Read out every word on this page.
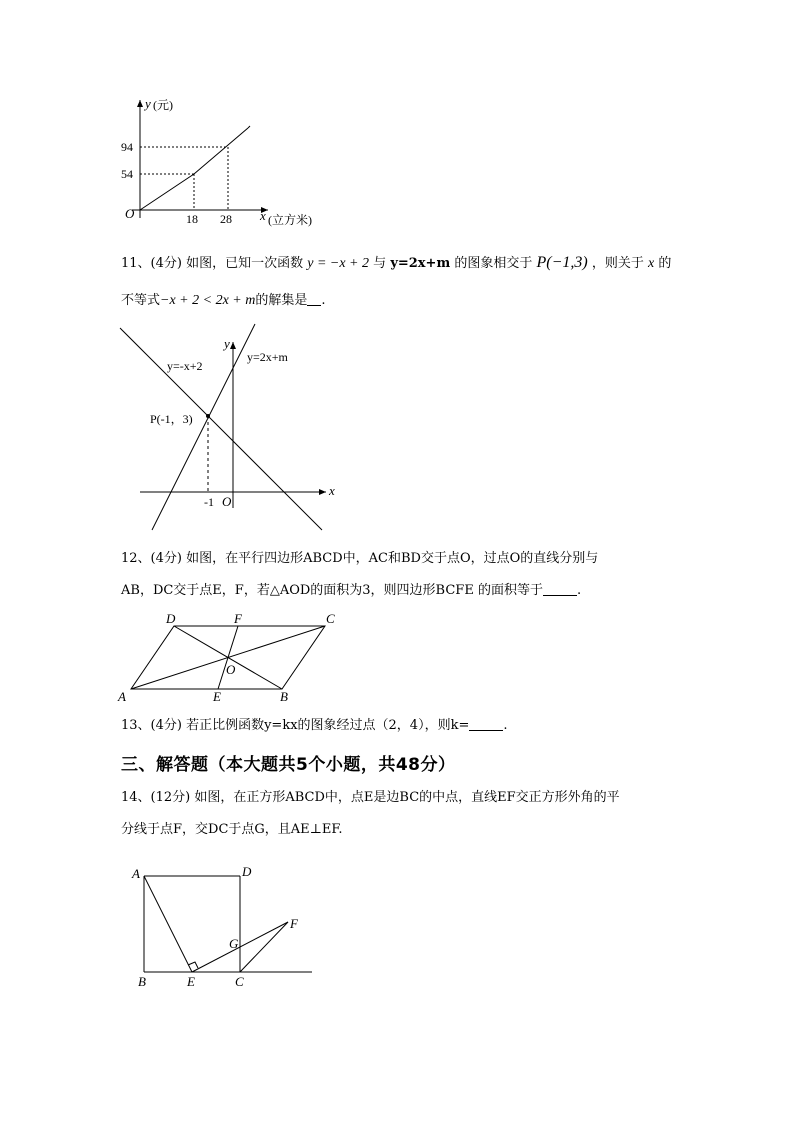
y (元)
x (立方米)
O
94
54
18 28
11、(4分) 如图，已知一次函数 y = −x + 2 与 y=2x+m 的图象相交于 P(−1,3) ，则关于 x 的
不等式−x + 2 < 2x + m的解集是 .
y=-x+2
y=2x+m
P(-1，3)
x
y
O
-1
12、(4分) 如图，在平行四边形ABCD中，AC和BD交于点O，过点O的直线分别与
AB，DC交于点E，F，若△AOD的面积为3，则四边形BCFE 的面积等于	.
A	B
C
D
E
F
O
13、(4分) 若正比例函数y=kx的图象经过点（2，4），则k=	.
三、解答题（本大题共5个小题，共48分）
14、(12分) 如图，在正方形ABCD中，点E是边BC的中点，直线EF交正方形外角的平
分线于点F，交DC于点G，且AE⊥EF.
A
B	C
D
E
F
G
